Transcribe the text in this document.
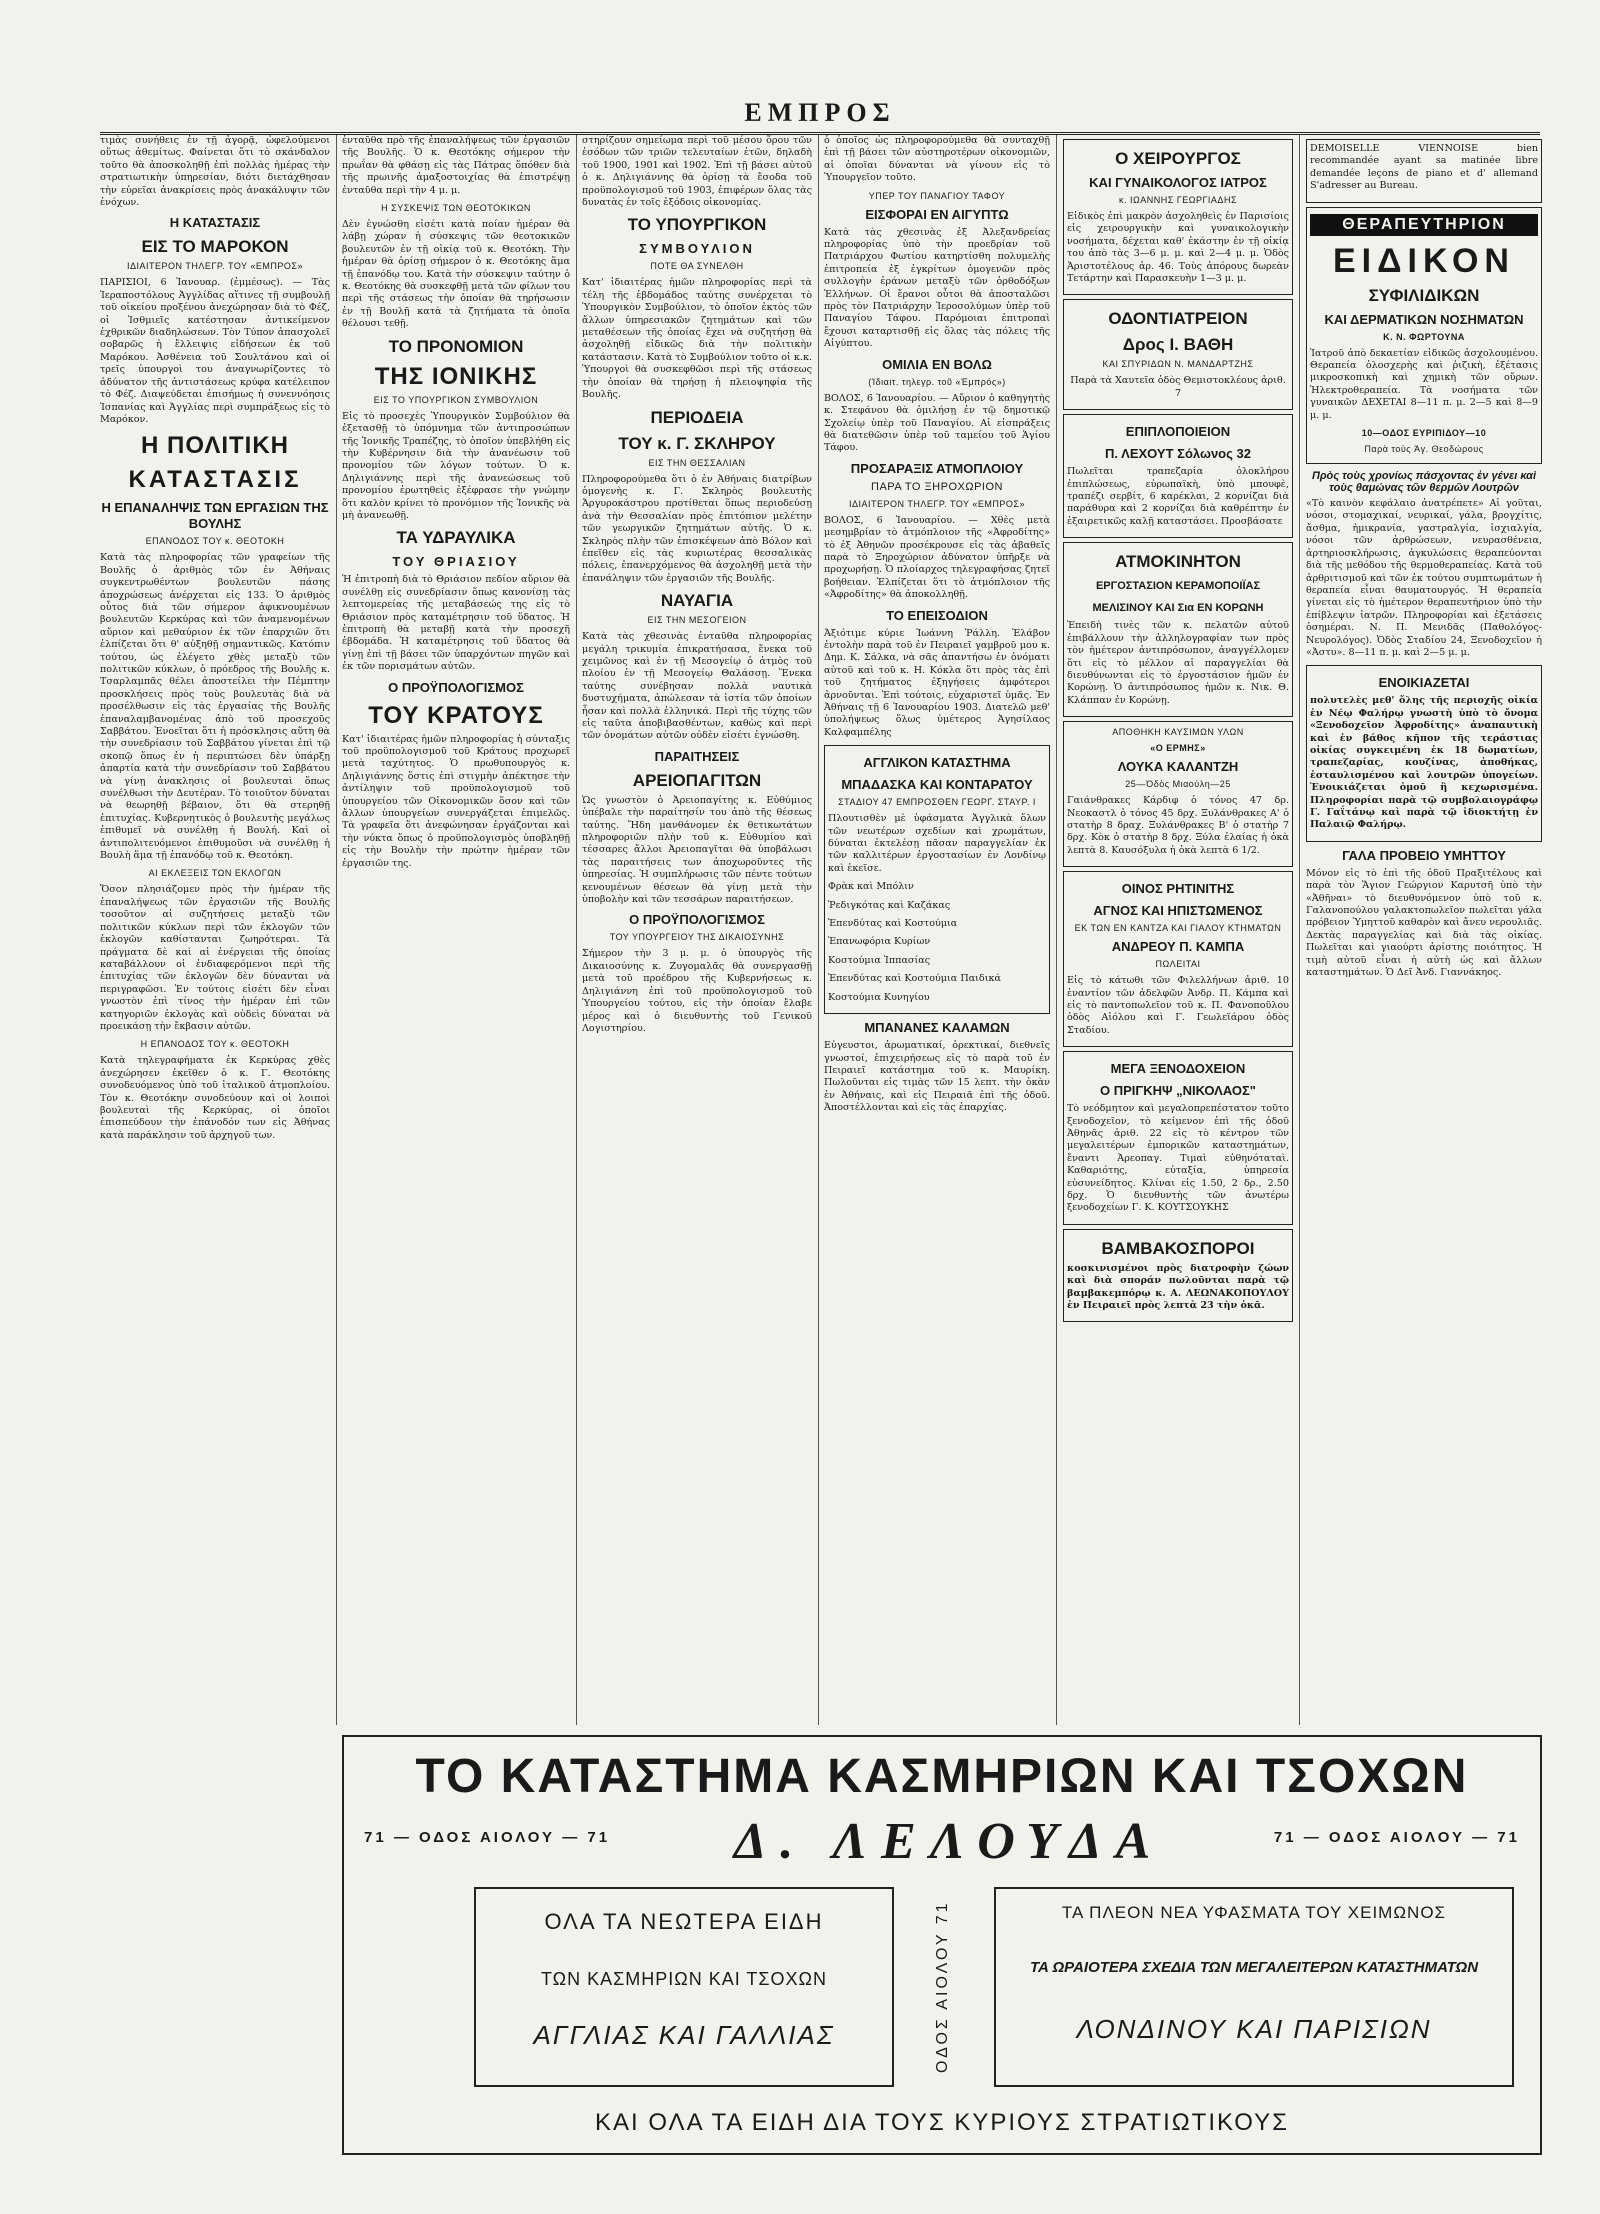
ΕΜΠΡΟΣ

τιμὰς συνήθεις ἐν τῇ ἀγορᾷ, ὠφελούμενοι οὕτως ἀθεμίτως. Φαίνεται ὅτι τὸ σκάνδαλον τοῦτο θὰ ἀποσκοληθῇ ἐπὶ πολλὰς ἡμέρας τὴν στρατιωτικὴν ὑπηρεσίαν, διότι διετάχθησαν τὴν εὑρεῖαι ἀνακρίσεις πρὸς ἀνακάλυψιν τῶν ἐνόχων.

Η ΚΑΤΑΣΤΑΣΙΣ
ΕΙΣ ΤΟ ΜΑΡΟΚΟΝ
ΙΔΙΑΙΤΕΡΟΝ ΤΗΛΕΓΡ. ΤΟΥ «ΕΜΠΡΟΣ»

ΠΑΡΙΣΙΟΙ, 6 Ἰανουαρ. (ἐμμέσως). — Τὰς Ἱεραποστόλους Ἀγγλίδας αἵτινες τῇ συμβουλῇ τοῦ οἰκείου προξένου ἀνεχώρησαν διὰ τὸ Φέζ, οἱ Ἰσθμιεῖς κατέστησαν ἀντικείμενον ἐχθρικῶν διαδηλώσεων. Τὸν Τύπον ἀπασχολεῖ σοβαρῶς ἡ ἔλλειψις εἰδήσεων ἐκ τοῦ Μαρόκου. Ἀσθένεια τοῦ Σουλτάνου καὶ οἱ τρεῖς ὑπουργοὶ του ἀναγνωρίζοντες τὸ ἀδύνατον τῆς ἀντιστάσεως κρύφα κατέλειπον τὸ Φέζ. Διαψεύδεται ἐπισήμως ἡ συνεννόησις Ἱσπανίας καὶ Ἀγγλίας περὶ συμπράξεως εἰς τὸ Μαρόκον.

Η ΠΟΛΙΤΙΚΗ
ΚΑΤΑΣΤΑΣΙΣ
Η ΕΠΑΝΑΛΗΨΙΣ ΤΩΝ ΕΡΓΑΣΙΩΝ ΤΗΣ ΒΟΥΛΗΣ
ΕΠΑΝΟΔΟΣ ΤΟΥ κ. ΘΕΟΤΟΚΗ

Κατὰ τὰς πληροφορίας τῶν γραφείων τῆς Βουλῆς ὁ ἀριθμὸς τῶν ἐν Ἀθήναις συγκεντρωθέντων βουλευτῶν πάσης ἀποχρώσεως ἀνέρχεται εἰς 133. Ὁ ἀριθμὸς οὗτος διὰ τῶν σήμερον ἀφικνουμένων βουλευτῶν Κερκύρας καὶ τῶν ἀναμενομένων αὔριον καὶ μεθαύριον ἐκ τῶν ἐπαρχιῶν ὅτι ἐλπίζεται ὅτι θ' αὐξηθῇ σημαντικῶς. Κατόπιν τούτου, ὡς ἐλέγετο χθὲς μεταξὺ τῶν πολιτικῶν κύκλων, ὁ πρόεδρος τῆς Βουλῆς κ. Τσαρλαμπᾶς θέλει ἀποστείλει τὴν Πέμπτην προσκλήσεις πρὸς τοὺς βουλευτὰς διὰ νὰ προσέλθωσιν εἰς τὰς ἐργασίας τῆς Βουλῆς ἐπαναλαμβανομένας ἀπὸ τοῦ προσεχοῦς Σαββάτου. Ἐνοεῖται ὅτι ἡ πρόσκλησις αὕτη θὰ τὴν συνεδρίασιν τοῦ Σαββάτου γίνεται ἐπὶ τῷ σκοπῷ ὅπως ἐν ἡ περιπτώσει δὲν ὑπάρξῃ ἀπαρτία κατὰ τὴν συνεδρίασιν τοῦ Σαββάτου νὰ γίνῃ ἀνακλησις οἱ βουλευταὶ ὅπως συνέλθωσι τὴν Δευτέραν. Τὸ τοιοῦτον δύναται νὰ θεωρηθῇ βέβαιον, ὅτι θὰ στερηθῇ ἐπιτυχίας. Κυβερνητικὸς ὁ βουλευτὴς μεγάλως ἐπιθυμεῖ νὰ συνέλθῃ ἡ Βουλή. Καὶ οἱ ἀντιπολιτευόμενοι ἐπιθυμοῦσι νὰ συνέλθῃ ἡ Βουλὴ ἅμα τῇ ἐπανόδῳ τοῦ κ. Θεοτόκη.

ΑΙ ΕΚΛΕΞΕΙΣ ΤΩΝ ΕΚΛΟΓΩΝ

Ὅσον πλησιάζομεν πρὸς τὴν ἡμέραν τῆς ἐπαναλήψεως τῶν ἐργασιῶν τῆς Βουλῆς τοσοῦτον αἱ συζητήσεις μεταξὺ τῶν πολιτικῶν κύκλων περὶ τῶν ἐκλογῶν τῶν ἐκλογῶν καθίστανται ζωηρότεραι. Τὰ πράγματα δὲ καὶ αἱ ἐνέργειαι τῆς ὁποίας καταβάλλουν οἱ ἐνδιαφερόμενοι περὶ τῆς ἐπιτυχίας τῶν ἐκλογῶν δὲν δύνανται νὰ περιγραφῶσι. Ἐν τούτοις εἰσέτι δὲν εἶναι γνωστὸν ἐπὶ τίνος τὴν ἡμέραν ἐπὶ τῶν κατηγοριῶν ἐκλογὰς καὶ οὐδεὶς δύναται νὰ προεικάσῃ τὴν ἔκβασιν αὐτῶν.

Η ΕΠΑΝΟΔΟΣ ΤΟΥ κ. ΘΕΟΤΟΚΗ

Κατὰ τηλεγραφήματα ἐκ Κερκύρας χθὲς ἀνεχώρησεν ἐκεῖθεν ὁ κ. Γ. Θεοτόκης συνοδευόμενος ὑπὸ τοῦ ἰταλικοῦ ἀτμοπλοίου. Τὸν κ. Θεοτόκην συνοδεύουν καὶ οἱ λοιποὶ βουλευταὶ τῆς Κερκύρας, οἱ ὁποῖοι ἐπισπεύδουν τὴν ἐπάνοδόν των εἰς Ἀθήνας κατὰ παράκλησιν τοῦ ἀρχηγοῦ των.

ἐνταῦθα πρὸ τῆς ἐπαναλήψεως τῶν ἐργασιῶν τῆς Βουλῆς. Ὁ κ. Θεοτόκης σήμερον τὴν πρωΐαν θὰ φθάσῃ εἰς τὰς Πάτρας ὅπόθεν διὰ τῆς πρωινῆς ἁμαξοστοιχίας θὰ ἐπιστρέψῃ ἐνταῦθα περὶ τὴν 4 μ. μ.

Η ΣΥΣΚΕΨΙΣ ΤΩΝ ΘΕΟΤΟΚΙΚΩΝ

Δὲν ἐγνώσθη εἰσέτι κατὰ ποίαν ἡμέραν θὰ λάβῃ χώραν ἡ σύσκεψις τῶν θεοτοκικῶν βουλευτῶν ἐν τῇ οἰκίᾳ τοῦ κ. Θεοτόκη. Τὴν ἡμέραν θὰ ὁρίσῃ σήμερον ὁ κ. Θεοτόκης ἅμα τῇ ἐπανόδῳ του. Κατὰ τὴν σύσκεψιν ταύτην ὁ κ. Θεοτόκης θὰ συσκεφθῇ μετὰ τῶν φίλων του περὶ τῆς στάσεως τὴν ὁποίαν θὰ τηρήσωσιν ἐν τῇ Βουλῇ κατὰ τὰ ζητήματα τὰ ὁποῖα θέλουσι τεθῇ.

ΤΟ ΠΡΟΝΟΜΙΟΝ
ΤΗΣ ΙΟΝΙΚΗΣ
ΕΙΣ ΤΟ ΥΠΟΥΡΓΙΚΟΝ ΣΥΜΒΟΥΛΙΟΝ

Εἰς τὸ προσεχὲς Ὑπουργικὸν Συμβούλιον θὰ ἐξετασθῇ τὸ ὑπόμνημα τῶν ἀντιπροσώπων τῆς Ἰονικῆς Τραπέζης, τὸ ὁποῖον ὑπεβλήθη εἰς τὴν Κυβέρνησιν διὰ τὴν ἀνανέωσιν τοῦ προνομίου τῶν λόγων τούτων. Ὁ κ. Δηλιγιάννης περὶ τῆς ἀνανεώσεως τοῦ προνομίου ἐρωτηθεὶς ἐξέφρασε τὴν γνώμην ὅτι καλὸν κρίνει τὸ προνόμιον τῆς Ἰονικῆς νὰ μὴ ἀνανεωθῇ.

ΤΑ ΥΔΡΑΥΛΙΚΑ
ΤΟΥ ΘΡΙΑΣΙΟΥ

Ἡ ἐπιτροπὴ διὰ τὸ Θριάσιον πεδίον αὔριον θὰ συνέλθῃ εἰς συνεδρίασιν ὅπως κανονίσῃ τὰς λεπτομερείας τῆς μεταβάσεώς της εἰς τὸ Θριάσιον πρὸς καταμέτρησιν τοῦ ὕδατος. Ἡ ἐπιτροπὴ θὰ μεταβῇ κατὰ τὴν προσεχῆ ἑβδομάδα. Ἡ καταμέτρησις τοῦ ὕδατος θὰ γίνῃ ἐπὶ τῇ βάσει τῶν ὑπαρχόντων πηγῶν καὶ ἐκ τῶν πορισμάτων αὐτῶν.

Ο ΠΡΟΫΠΟΛΟΓΙΣΜΟΣ
ΤΟΥ ΚΡΑΤΟΥΣ

Κατ' ἰδιαιτέρας ἡμῶν πληροφορίας ἡ σύνταξις τοῦ προϋπολογισμοῦ τοῦ Κράτους προχωρεῖ μετὰ ταχύτητος. Ὁ πρωθυπουργὸς κ. Δηλιγιάννης ὅστις ἐπὶ στιγμὴν ἀπέκτησε τὴν ἀντίληψιν τοῦ προϋπολογισμοῦ τοῦ ὑπουργείου τῶν Οἰκονομικῶν ὅσον καὶ τῶν ἄλλων ὑπουργείων συνεργάζεται ἐπιμελῶς. Τὰ γραφεῖα ὅτι ἀνεφώνησαν ἐργάζονται καὶ τὴν νύκτα ὅπως ὁ προϋπολογισμὸς ὑποβληθῇ εἰς τὴν Βουλὴν τὴν πρώτην ἡμέραν τῶν ἐργασιῶν της.

στηρίζουν σημείωμα περὶ τοῦ μέσου ὅρου τῶν ἐσόδων τῶν τριῶν τελευταίων ἐτῶν, δηλαδὴ τοῦ 1900, 1901 καὶ 1902. Ἐπὶ τῇ βάσει αὐτοῦ ὁ κ. Δηλιγιάννης θὰ ὁρίσῃ τὰ ἔσοδα τοῦ προϋπολογισμοῦ τοῦ 1903, ἐπιφέρων ὅλας τὰς δυνατὰς ἐν τοῖς ἐξόδοις οἰκονομίας.

ΤΟ ΥΠΟΥΡΓΙΚΟΝ
ΣΥΜΒΟΥΛΙΟΝ
ΠΟΤΕ ΘΑ ΣΥΝΕΛΘΗ

Κατ' ἰδιαιτέρας ἡμῶν πληροφορίας περὶ τὰ τέλη τῆς ἑβδομάδος ταύτης συνέρχεται τὸ Ὑπουργικὸν Συμβούλιον, τὸ ὁποῖον ἐκτὸς τῶν ἄλλων ὑπηρεσιακῶν ζητημάτων καὶ τῶν μεταθέσεων τῆς ὁποίας ἔχει νὰ συζητήσῃ θὰ ἀσχοληθῇ εἰδικῶς διὰ τὴν πολιτικὴν κατάστασιν. Κατὰ τὸ Συμβούλιον τοῦτο οἱ κ.κ. Ὑπουργοὶ θὰ συσκεφθῶσι περὶ τῆς στάσεως τὴν ὁποίαν θὰ τηρήσῃ ἡ πλειοψηφία τῆς Βουλῆς.

ΠΕΡΙΟΔΕΙΑ
ΤΟΥ κ. Γ. ΣΚΛΗΡΟΥ
ΕΙΣ ΤΗΝ ΘΕΣΣΑΛΙΑΝ

Πληροφορούμεθα ὅτι ὁ ἐν Ἀθήναις διατρίβων ὁμογενὴς κ. Γ. Σκληρὸς βουλευτὴς Ἀργυροκάστρου προτίθεται ὅπως περιοδεύσῃ ἀνὰ τὴν Θεσσαλίαν πρὸς ἐπιτόπιον μελέτην τῶν γεωργικῶν ζητημάτων αὐτῆς. Ὁ κ. Σκληρὸς πλὴν τῶν ἐπισκέψεων ἀπὸ Βόλον καὶ ἐπεῖθεν εἰς τὰς κυριωτέρας θεσσαλικὰς πόλεις, ἐπανερχόμενος θὰ ἀσχοληθῇ μετὰ τὴν ἐπανάληψιν τῶν ἐργασιῶν τῆς Βουλῆς.

ΝΑΥΑΓΙΑ
ΕΙΣ ΤΗΝ ΜΕΣΟΓΕΙΟΝ

Κατὰ τὰς χθεσινὰς ἐνταῦθα πληροφορίας μεγάλη τρικυμία ἐπικρατήσασα, ἕνεκα τοῦ χειμῶνος καὶ ἐν τῇ Μεσογείῳ ὁ ἀτμὸς τοῦ πλοίου ἐν τῇ Μεσογείῳ Θαλάσσῃ. Ἕνεκα ταύτης συνέβησαν πολλὰ ναυτικὰ δυστυχήματα, ἀπώλεσαν τὰ ἱστία τῶν ὁποίων ἦσαν καὶ πολλὰ ἑλληνικά. Περὶ τῆς τύχης τῶν εἰς ταῦτα ἀποβιβασθέντων, καθὼς καὶ περὶ τῶν ὀνομάτων αὐτῶν οὐδὲν εἰσέτι ἐγνώσθη.

ΠΑΡΑΙΤΗΣΕΙΣ
ΑΡΕΙΟΠΑΓΙΤΩΝ

Ὡς γνωστὸν ὁ Ἀρειοπαγίτης κ. Εὐθύμιος ὑπέβαλε τὴν παραίτησίν του ἀπὸ τῆς θέσεως ταύτης. Ἤδη μανθάνομεν ἐκ θετικωτάτων πληροφοριῶν πλὴν τοῦ κ. Εὐθυμίου καὶ τέσσαρες ἄλλοι Ἀρειοπαγῖται θὰ ὑποβάλωσι τὰς παραιτήσεις των ἀποχωροῦντες τῆς ὑπηρεσίας. Ἡ συμπλήρωσις τῶν πέντε τούτων κενουμένων θέσεων θὰ γίνῃ μετὰ τὴν ὑποβολὴν καὶ τῶν τεσσάρων παραιτήσεων.

Ο ΠΡΟΫΠΟΛΟΓΙΣΜΟΣ
ΤΟΥ ΥΠΟΥΡΓΕΙΟΥ ΤΗΣ ΔΙΚΑΙΟΣΥΝΗΣ

Σήμερον τὴν 3 μ. μ. ὁ ὑπουργὸς τῆς Δικαιοσύνης κ. Ζυγομαλᾶς θὰ συνεργασθῇ μετὰ τοῦ προέδρου τῆς Κυβερνήσεως κ. Δηλιγιάννη ἐπὶ τοῦ προϋπολογισμοῦ τοῦ Ὑπουργείου τούτου, εἰς τὴν ὁποίαν ἔλαβε μέρος καὶ ὁ διευθυντὴς τοῦ Γενικοῦ Λογιστηρίου.

ὁ ὁποῖος ὡς πληροφορούμεθα θὰ συνταχθῇ ἐπὶ τῇ βάσει τῶν αὐστηροτέρων οἰκονομιῶν, αἱ ὁποῖαι δύνανται νὰ γίνουν εἰς τὸ Ὑπουργεῖον τοῦτο.

ΥΠΕΡ ΤΟΥ ΠΑΝΑΓΙΟΥ ΤΑΦΟΥ
ΕΙΣΦΟΡΑΙ ΕΝ ΑΙΓΥΠΤΩ

Κατὰ τὰς χθεσινὰς ἐξ Ἀλεξανδρείας πληροφορίας ὑπὸ τὴν προεδρίαν τοῦ Πατριάρχου Φωτίου κατηρτίσθη πολυμελὴς ἐπιτροπεία ἐξ ἐγκρίτων ὁμογενῶν πρὸς συλλογὴν ἐράνων μεταξὺ τῶν ὁρθοδόξων Ἑλλήνων. Οἱ ἔρανοι οὗτοι θὰ ἀποσταλῶσι πρὸς τὸν Πατριάρχην Ἱεροσολύμων ὑπὲρ τοῦ Παναγίου Τάφου. Παρόμοιαι ἐπιτροπαὶ ἔχουσι καταρτισθῇ εἰς ὅλας τὰς πόλεις τῆς Αἰγύπτου.

ΟΜΙΛΙΑ ΕΝ ΒΟΛΩ
(Ἰδιαιτ. τηλεγρ. τοῦ «Ἐμπρός»)

ΒΟΛΟΣ, 6 Ἰανουαρίου. — Αὔριον ὁ καθηγητὴς κ. Στεφάνου θὰ ὁμιλήσῃ ἐν τῷ δημοτικῷ Σχολείῳ ὑπὲρ τοῦ Παναγίου. Αἱ εἰσπράξεις θὰ διατεθῶσιν ὑπὲρ τοῦ ταμείου τοῦ Ἁγίου Τάφου.

ΠΡΟΣΑΡΑΞΙΣ ΑΤΜΟΠΛΟΙΟΥ
ΠΑΡΑ ΤΟ ΞΗΡΟΧΩΡΙΟΝ
ΙΔΙΑΙΤΕΡΟΝ ΤΗΛΕΓΡ. ΤΟΥ «ΕΜΠΡΟΣ»

ΒΟΛΟΣ, 6 Ἰανουαρίου. — Χθὲς μετὰ μεσημβρίαν τὸ ἀτμόπλοιον τῆς «Ἀφροδίτης» τὸ ἐξ Ἀθηνῶν προσέκρουσε εἰς τὰς ἀβαθεῖς παρὰ τὸ Ξηροχώριον ἀδύνατον ὑπῆρξε νὰ προχωρήσῃ. Ὁ πλοίαρχος τηλεγραφήσας ζητεῖ βοήθειαν. Ἐλπίζεται ὅτι τὸ ἀτμόπλοιον τῆς «Ἀφροδίτης» θὰ ἀποκολληθῇ.

ΤΟ ΕΠΕΙΣΟΔΙΟΝ

Ἀξιότιμε κύριε Ἰωάννη Ῥάλλη. Ἐλάβον ἐντολὴν παρὰ τοῦ ἐν Πειραιεῖ γαμβροῦ μου κ. Δημ. Κ. Σάλκα, νὰ σᾶς ἀπαντήσω ἐν ὀνόματι αὐτοῦ καὶ τοῦ κ. Η. Κόκλα ὅτι πρὸς τὰς ἐπὶ τοῦ ζητήματος ἐξηγήσεις ἀμφότεροι ἀρνοῦνται. Ἐπὶ τούτοις, εὐχαριστεῖ ὑμᾶς. Ἐν Ἀθήναις τῇ 6 Ἰανουαρίου 1903. Διατελῶ μεθ' ὑπολήψεως ὅλως ὑμέτερος Ἀγησίλαος Καλφαμπέλης

ΑΓΓΛΙΚΟΝ ΚΑΤΑΣΤΗΜΑ
ΜΠΑΔΑΣΚΑ ΚΑΙ ΚΟΝΤΑΡΑΤΟΥ
ΣΤΑΔΙΟΥ 47 ΕΜΠΡΟΣΘΕΝ ΓΕΩΡΓ. ΣΤΑΥΡ. Ι

Πλουτισθὲν μὲ ὑφάσματα Ἀγγλικὰ ὅλων τῶν νεωτέρων σχεδίων καὶ χρωμάτων, δύναται ἐκτελέσῃ πᾶσαν παραγγελίαν ἐκ τῶν καλλιτέρων ἐργοστασίων ἐν Λονδίνῳ καὶ ἐκεῖσε.

Φρὰκ καὶ Μπόλιν
Ῥεδιγκότας καὶ Καζάκας
Ἐπενδύτας καὶ Κοστούμια
Ἐπανωφόρια Κυρίων
Κοστούμια Ἱππασίας
Ἐπενδύτας καὶ Κοστούμια Παιδικά
Κοστούμια Κυνηγίου
ΜΠΑΝΑΝΕΣ ΚΑΛΑΜΩΝ

Εὐγευστοι, ἀρωματικαί, ὀρεκτικαί, διεθνεῖς γνωστοί, ἐπιχειρήσεως εἰς τὸ παρὰ τοῦ ἐν Πειραιεῖ κατάστημα τοῦ κ. Μαυρίκη. Πωλοῦνται εἰς τιμὰς τῶν 15 λεπτ. τὴν ὀκὰν ἐν Ἀθήναις, καὶ εἰς Πειραιᾶ ἐπὶ τῆς ὁδοῦ. Ἀποστέλλονται καὶ εἰς τὰς ἐπαρχίας.

Ο ΧΕΙΡΟΥΡΓΟΣ
ΚΑΙ ΓΥΝΑΙΚΟΛΟΓΟΣ ΙΑΤΡΟΣ
κ. ΙΩΑΝΝΗΣ ΓΕΩΡΓΙΑΔΗΣ

Εἰδικὸς ἐπὶ μακρὸν ἀσχοληθεὶς ἐν Παρισίοις εἰς χειρουργικὴν καὶ γυναικολογικὴν νοσήματα, δέχεται καθ' ἑκάστην ἐν τῇ οἰκίᾳ του ἀπὸ τὰς 3—6 μ. μ. καὶ 2—4 μ. μ. Ὁδὸς Ἀριστοτέλους ἀρ. 46. Τοὺς ἀπόρους δωρεὰν Τετάρτην καὶ Παρασκευὴν 1—3 μ. μ.

ΟΔΟΝΤΙΑΤΡΕΙΟΝ
Δρος Ι. ΒΑΘΗ
ΚΑΙ ΣΠΥΡΙΔΩΝ Ν. ΜΑΝΔΑΡΤΖΗΣ

Παρὰ τὰ Χαυτεῖα ὁδὸς Θεμιστοκλέους ἀριθ. 7

ΕΠΙΠΛΟΠΟΙΕΙΟΝ
Π. ΛΕΧΟΥΤ Σόλωνος 32

Πωλεῖται τραπεζαρία ὁλοκλήρου ἐπιπλώσεως, εὐρωπαϊκὴ, ὑπὸ μπουφὲ, τραπέζι σερβίτ, 6 καρέκλαι, 2 κορνίζαι διὰ παράθυρα καὶ 2 κορνίζαι διὰ καθρέπτην ἐν ἐξαιρετικῶς καλῇ καταστάσει. Προσβάσατε

ΑΤΜΟΚΙΝΗΤΟΝ
ΕΡΓΟΣΤΑΣΙΟΝ ΚΕΡΑΜΟΠΟΙΪΑΣ
ΜΕΛΙΣΙΝΟΥ ΚΑΙ Σια ΕΝ ΚΟΡΩΝΗ

Ἐπειδὴ τινὲς τῶν κ. πελατῶν αὐτοῦ ἐπιβάλλουν τὴν ἀλληλογραφίαν των πρὸς τὸν ἡμέτερον ἀντιπρόσωπον, ἀναγγέλλομεν ὅτι εἰς τὸ μέλλον αἱ παραγγελίαι θὰ διευθύνωνται εἰς τὸ ἐργοστάσιον ἡμῶν ἐν Κορώνῃ. Ὁ ἀντιπρόσωπος ἡμῶν κ. Νικ. Θ. Κλάππαν ἐν Κορώνῃ.

ΑΠΟΘΗΚΗ ΚΑΥΣΙΜΩΝ ΥΛΩΝ
«Ο ΕΡΜΗΣ»
ΛΟΥΚΑ ΚΑΛΑΝΤΖΗ
25—Ὁδὸς Μιαούλη—25

Γαιάνθρακες Κάρδιφ ὁ τόνος 47 δρ. Νεοκαστλ ὁ τόνος 45 δρχ. Ξυλάνθρακες Α' ὁ στατὴρ 8 δραχ. Ξυλάνθρακες Β' ὁ στατὴρ 7 δρχ. Κὸκ ὁ στατὴρ 8 δρχ. Ξύλα ἐλαίας ἡ ὀκὰ λεπτὰ 8. Καυσόξυλα ἡ ὀκὰ λεπτὰ 6 1/2.

ΟΙΝΟΣ ΡΗΤΙΝΙΤΗΣ
ΑΓΝΟΣ ΚΑΙ ΗΠΙΣΤΩΜΕΝΟΣ
ΕΚ ΤΩΝ ΕΝ ΚΑΝΤΖΑ ΚΑΙ ΓΙΑΛΟΥ ΚΤΗΜΑΤΩΝ
ΑΝΔΡΕΟΥ Π. ΚΑΜΠΑ
ΠΩΛΕΙΤΑΙ

Εἰς τὸ κάτωθι τῶν Φιλελλήνων ἀριθ. 10 ἑναντίον τῶν ἀδελφῶν Ἀνδρ. Π. Κάμπα καὶ εἰς τὸ παντοπωλεῖον τοῦ κ. Π. Φανοποῦλου ὁδὸς Αἰόλου καὶ Γ. Γεωλεϊάρου ὁδὸς Σταδίου.

ΜΕΓΑ ΞΕΝΟΔΟΧΕΙΟΝ
Ο ΠΡΙΓΚΗΨ „ΝΙΚΟΛΑΟΣ"

Τὸ νεόδμητον καὶ μεγαλοπρεπέστατον τοῦτο ξενοδοχεῖον, τὸ κείμενον ἐπὶ τῆς ὁδοῦ Ἀθηνᾶς ἀριθ. 22 εἰς τὸ κέντρον τῶν μεγαλειτέρων ἐμπορικῶν καταστημάτων, ἔναντι Ἀρεοπαγ. Τιμαὶ εὐθηνόταταὶ. Καθαριότης, εὐταξία, ὑπηρεσία εὐσυνείδητος. Κλίναι εἰς 1.50, 2 δρ., 2.50 δρχ. Ὁ διευθυντὴς τῶν ἀνωτέρω ξενοδοχείων Γ. Κ. ΚΟΥΤΣΟΥΚΗΣ

ΒΑΜΒΑΚΟΣΠΟΡΟΙ

κοσκινισμένοι πρὸς διατροφὴν ζώων καὶ διὰ σποράν πωλοῦνται παρὰ τῷ βαμβακεμπόρῳ κ. Α. ΛΕΩΝΑΚΟΠΟΥΛΟΥ ἐν Πειραιεῖ πρὸς λεπτὰ 23 τὴν ὀκᾶ.

DEMOISELLE VIENNOISE bien recommandée ayant sa matinée libre demandée leçons de piano et d' allemand S'adresser au Bureau.

ΘΕΡΑΠΕΥΤΗΡΙΟΝ
ΕΙΔΙΚΟΝ
ΣΥΦΙΛΙΔΙΚΩΝ
ΚΑΙ ΔΕΡΜΑΤΙΚΩΝ ΝΟΣΗΜΑΤΩΝ
Κ. Ν. ΦΩΡΤΟΥΝΑ

Ἰατροῦ ἀπὸ δεκαετίαν εἰδικῶς ἀσχολουμένου. Θεραπεία ὁλοσχερὴς καὶ ῥιζικὴ, ἐξέτασις μικροσκοπικὴ καὶ χημικὴ τῶν οὔρων. Ἡλεκτροθεραπεία. Τὰ νοσήματα τῶν γυναικῶν ΔΕΧΕΤΑΙ 8—11 π. μ. 2—5 καὶ 8—9 μ. μ.

10—ΟΔΟΣ ΕΥΡΙΠΙΔΟΥ—10
Παρὰ τοὺς Ἁγ. Θεοδώρους
Πρὸς τοὺς χρονίως πάσχοντας ἐν γένει καὶ τοὺς θαμώνας τῶν θερμῶν Λουτρῶν

«Τὸ καινὸν κεφάλαιο ἀνατρέπετε» Αἱ γοῦται, νόσοι, στομαχικαί, νευρικαί, γάλα, βρογχίτις, ἄσθμα, ἡμικρανία, γαστραλγία, ἰσχιαλγία, νόσοι τῶν ἀρθρώσεων, νευρασθένεια, ἀρτηριοσκλήρωσις, ἀγκυλώσεις θεραπεύονται διὰ τῆς μεθόδου τῆς θερμοθεραπείας. Κατὰ τοῦ ἀρθριτισμοῦ καὶ τῶν ἐκ τούτου συμπτωμάτων ἡ θεραπεία εἶναι θαυματουργός. Ἡ θεραπεία γίνεται εἰς τὸ ἡμέτερον θεραπευτήριον ὑπὸ τὴν ἐπίβλεψιν ἰατρῶν. Πληροφορίαι καὶ ἐξετάσεις ὁσημέραι. Ν. Π. Μενιδᾶς (Παθολόγος-Νευρολόγος). Ὁδὸς Σταδίου 24, Ξενοδοχεῖον ἡ «Ἀστυ». 8—11 π. μ. καὶ 2—5 μ. μ.

ΕΝΟΙΚΙΑΖΕΤΑΙ

πολυτελὲς μεθ' ὅλης τῆς περιοχῆς οἰκία ἐν Νέῳ Φαλήρῳ γνωστὴ ὑπὸ τὸ ὄνομα «Ξενοδοχεῖον Ἀφροδίτης» ἀναπαυτικὴ καὶ ἐν βάθος κῆπον τῆς τεράστιας οἰκίας συγκειμένη ἐκ 18 δωματίων, τραπεζαρίας, κουζίνας, ἀποθήκας, ἐσταυλισμένου καὶ λουτρῶν ὑπογείων. Ἐνοικιάζεται ὁμοῦ ἢ κεχωρισμένα. Πληροφορίαι παρὰ τῷ συμβολαιογράφῳ Γ. Γαΐτάνῳ καὶ παρὰ τῷ ἰδιοκτήτῃ ἐν Παλαιῷ Φαλήρῳ.

ΓΑΛΑ ΠΡΟΒΕΙΟ ΥΜΗΤΤΟΥ

Μόνον εἰς τὸ ἐπὶ τῆς ὁδοῦ Πραξιτέλους καὶ παρὰ τὸν Ἅγιον Γεώργιον Καρυτσῆ ὑπὸ τὴν «Ἀθῆναι» τὸ διευθυνόμενον ὑπὸ τοῦ κ. Γαλανοπούλου γαλακτοπωλεῖον πωλεῖται γάλα πρόβειον Ὑμηττοῦ καθαρὸν καὶ ἄνευ νερουλιᾶς. Δεκτὰς παραγγελίας καὶ διὰ τὰς οἰκίας. Πωλεῖται καὶ γιαούρτι ἀρίστης ποιότητος. Ἡ τιμὴ αὐτοῦ εἶναι ἡ αὐτὴ ὡς καὶ ἄλλων καταστημάτων. Ὁ Δεῖ Ἀνδ. Γιαννάκηος.

ΤΟ ΚΑΤΑΣΤΗΜΑ ΚΑΣΜΗΡΙΩΝ ΚΑΙ ΤΣΟΧΩΝ
71 — ΟΔΟΣ ΑΙΟΛΟΥ — 71 Δ. ΛΕΛΟΥΔΑ	71 — ΟΔΟΣ ΑΙΟΛΟΥ — 71
ΟΛΑ ΤΑ ΝΕΩΤΕΡΑ ΕΙΔΗ
ΤΩΝ ΚΑΣΜΗΡΙΩΝ ΚΑΙ ΤΣΟΧΩΝ
ΑΓΓΛΙΑΣ ΚΑΙ ΓΑΛΛΙΑΣ	ΟΔΟΣ ΑΙΟΛΟΥ 71	ΤΑ ΠΛΕΟΝ ΝΕΑ ΥΦΑΣΜΑΤΑ ΤΟΥ ΧΕΙΜΩΝΟΣ
ΤΑ ΩΡΑΙΟΤΕΡΑ ΣΧΕΔΙΑ ΤΩΝ ΜΕΓΑΛΕΙΤΕΡΩΝ ΚΑΤΑΣΤΗΜΑΤΩΝ
ΛΟΝΔΙΝΟΥ ΚΑΙ ΠΑΡΙΣΙΩΝ
ΚΑΙ ΟΛΑ ΤΑ ΕΙΔΗ ΔΙΑ ΤΟΥΣ ΚΥΡΙΟΥΣ ΣΤΡΑΤΙΩΤΙΚΟΥΣ
